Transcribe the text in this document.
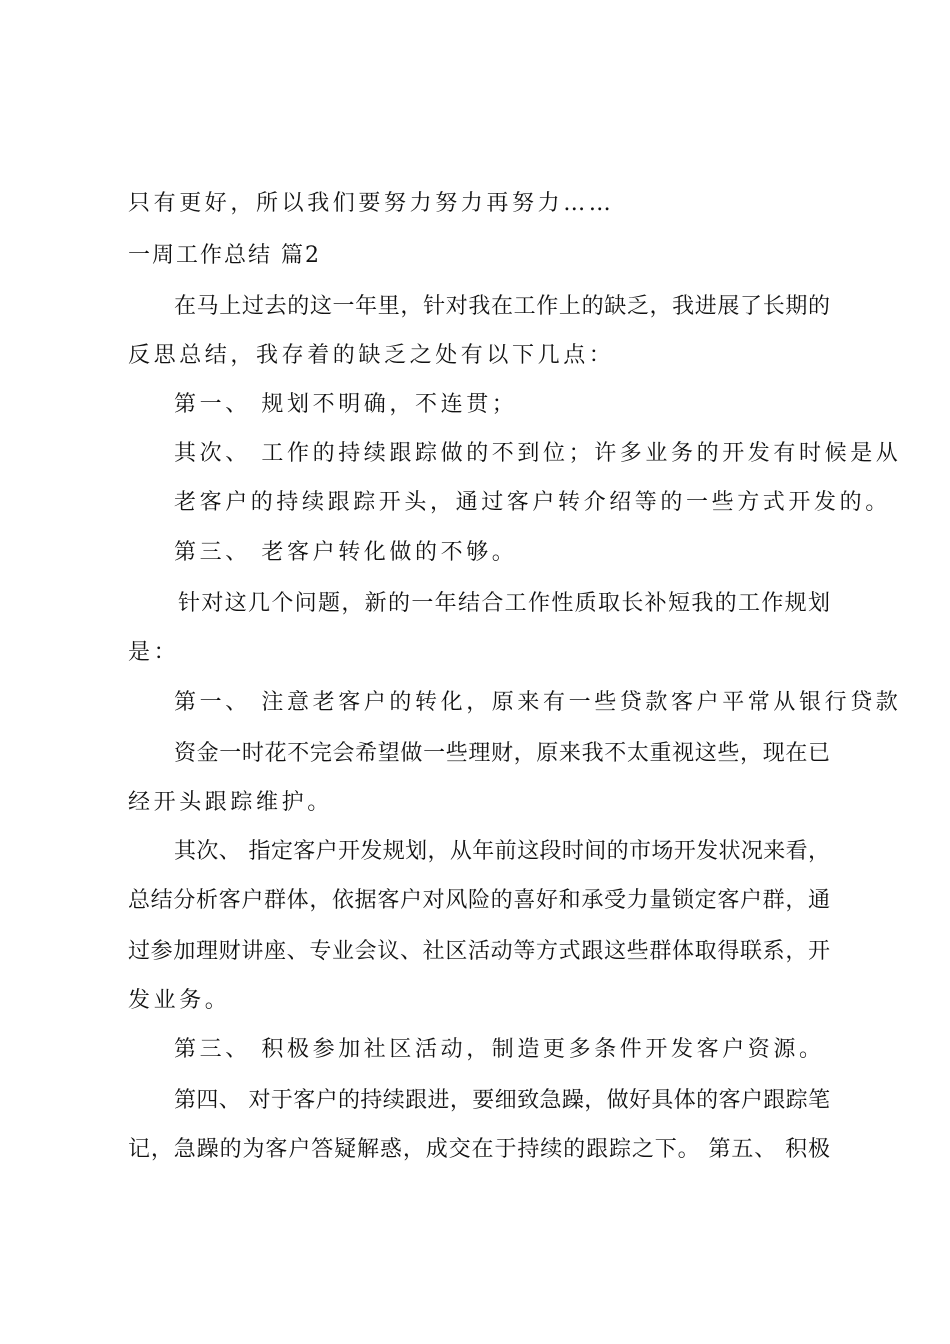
只有更好，所以我们要努力努力再努力……
一周工作总结 篇2
在马上过去的这一年里，针对我在工作上的缺乏，我进展了长期的
反思总结，我存着的缺乏之处有以下几点：
第一、 规划不明确，不连贯；
其次、 工作的持续跟踪做的不到位；许多业务的开发有时候是从
老客户的持续跟踪开头，通过客户转介绍等的一些方式开发的。
第三、 老客户转化做的不够。
针对这几个问题，新的一年结合工作性质取长补短我的工作规划
是：
第一、 注意老客户的转化，原来有一些贷款客户平常从银行贷款
资金一时花不完会希望做一些理财，原来我不太重视这些，现在已
经开头跟踪维护。
其次、 指定客户开发规划，从年前这段时间的市场开发状况来看，
总结分析客户群体，依据客户对风险的喜好和承受力量锁定客户群，通
过参加理财讲座、专业会议、社区活动等方式跟这些群体取得联系，开
发业务。
第三、 积极参加社区活动，制造更多条件开发客户资源。
第四、 对于客户的持续跟进，要细致急躁，做好具体的客户跟踪笔
记，急躁的为客户答疑解惑，成交在于持续的跟踪之下。 第五、 积极
